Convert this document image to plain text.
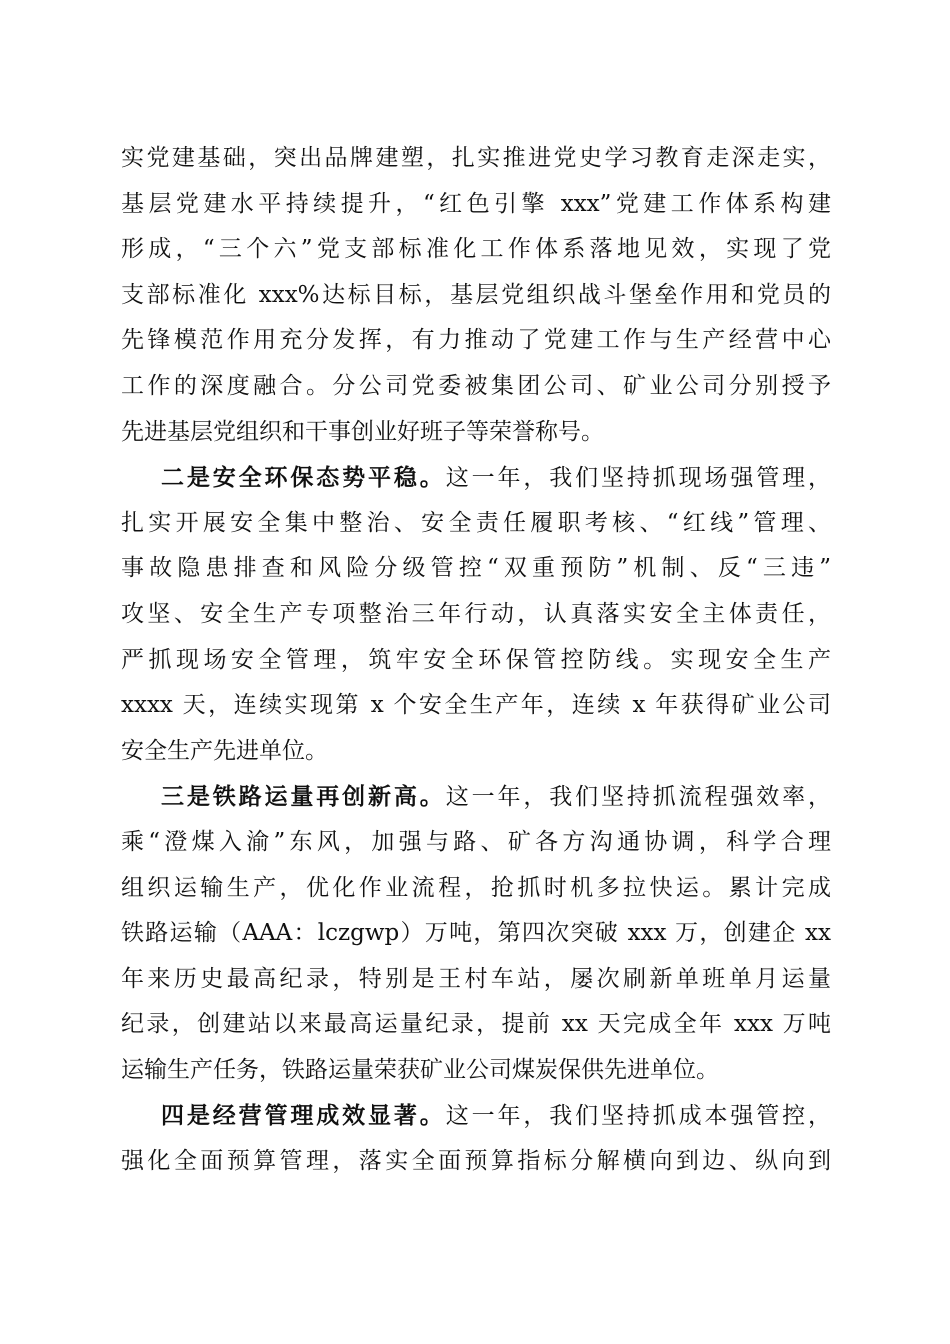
实党建基础，突出品牌建塑，扎实推进党史学习教育走深走实，
基层党建水平持续提升，“红色引擎 xxx”党建工作体系构建
形成，“三个六”党支部标准化工作体系落地见效，实现了党
支部标准化 xxx%达标目标，基层党组织战斗堡垒作用和党员的
先锋模范作用充分发挥，有力推动了党建工作与生产经营中心
工作的深度融合。分公司党委被集团公司、矿业公司分别授予
先进基层党组织和干事创业好班子等荣誉称号。
二是安全环保态势平稳。这一年，我们坚持抓现场强管理，
扎实开展安全集中整治、安全责任履职考核、“红线”管理、
事故隐患排查和风险分级管控“双重预防”机制、反“三违”
攻坚、安全生产专项整治三年行动，认真落实安全主体责任，
严抓现场安全管理，筑牢安全环保管控防线。实现安全生产
xxxx 天，连续实现第 x 个安全生产年，连续 x 年获得矿业公司
安全生产先进单位。
三是铁路运量再创新高。这一年，我们坚持抓流程强效率，
乘“澄煤入渝”东风，加强与路、矿各方沟通协调，科学合理
组织运输生产，优化作业流程，抢抓时机多拉快运。累计完成
铁路运输（AAA：lczgwp）万吨，第四次突破 xxx 万，创建企 xx
年来历史最高纪录，特别是王村车站，屡次刷新单班单月运量
纪录，创建站以来最高运量纪录，提前 xx 天完成全年 xxx 万吨
运输生产任务，铁路运量荣获矿业公司煤炭保供先进单位。
四是经营管理成效显著。这一年，我们坚持抓成本强管控，
强化全面预算管理，落实全面预算指标分解横向到边、纵向到
